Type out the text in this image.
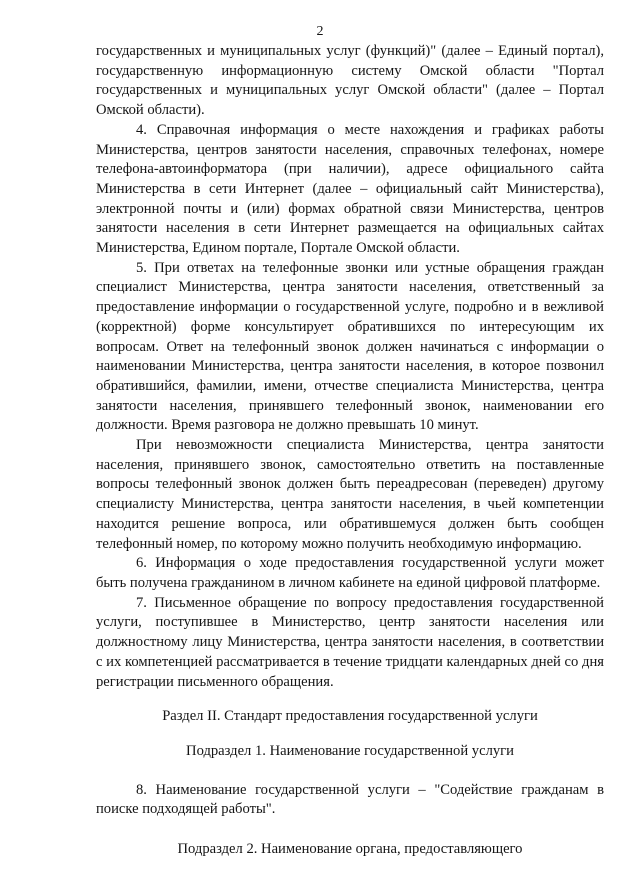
2

государственных и муниципальных услуг (функций)" (далее – Единый портал), государственную информационную систему Омской области "Портал государственных и муниципальных услуг Омской области" (далее – Портал Омской области).

4. Справочная информация о месте нахождения и графиках работы Министерства, центров занятости населения, справочных телефонах, номере телефона-автоинформатора (при наличии), адресе официального сайта Министерства в сети Интернет (далее – официальный сайт Министерства), электронной почты и (или) формах обратной связи Министерства, центров занятости населения в сети Интернет размещается на официальных сайтах Министерства, Едином портале, Портале Омской области.

5. При ответах на телефонные звонки или устные обращения граждан специалист Министерства, центра занятости населения, ответственный за предоставление информации о государственной услуге, подробно и в вежливой (корректной) форме консультирует обратившихся по интересующим их вопросам. Ответ на телефонный звонок должен начинаться с информации о наименовании Министерства, центра занятости населения, в которое позвонил обратившийся, фамилии, имени, отчестве специалиста Министерства, центра занятости населения, принявшего телефонный звонок, наименовании его должности. Время разговора не должно превышать 10 минут.

При невозможности специалиста Министерства, центра занятости населения, принявшего звонок, самостоятельно ответить на поставленные вопросы телефонный звонок должен быть переадресован (переведен) другому специалисту Министерства, центра занятости населения, в чьей компетенции находится решение вопроса, или обратившемуся должен быть сообщен телефонный номер, по которому можно получить необходимую информацию.

6. Информация о ходе предоставления государственной услуги может быть получена гражданином в личном кабинете на единой цифровой платформе.

7. Письменное обращение по вопросу предоставления государственной услуги, поступившее в Министерство, центр занятости населения или должностному лицу Министерства, центра занятости населения, в соответствии с их компетенцией рассматривается в течение тридцати календарных дней со дня регистрации письменного обращения.

Раздел II. Стандарт предоставления государственной услуги

Подраздел 1. Наименование государственной услуги

8. Наименование государственной услуги – "Содействие гражданам в поиске подходящей работы".

Подраздел 2. Наименование органа, предоставляющего
